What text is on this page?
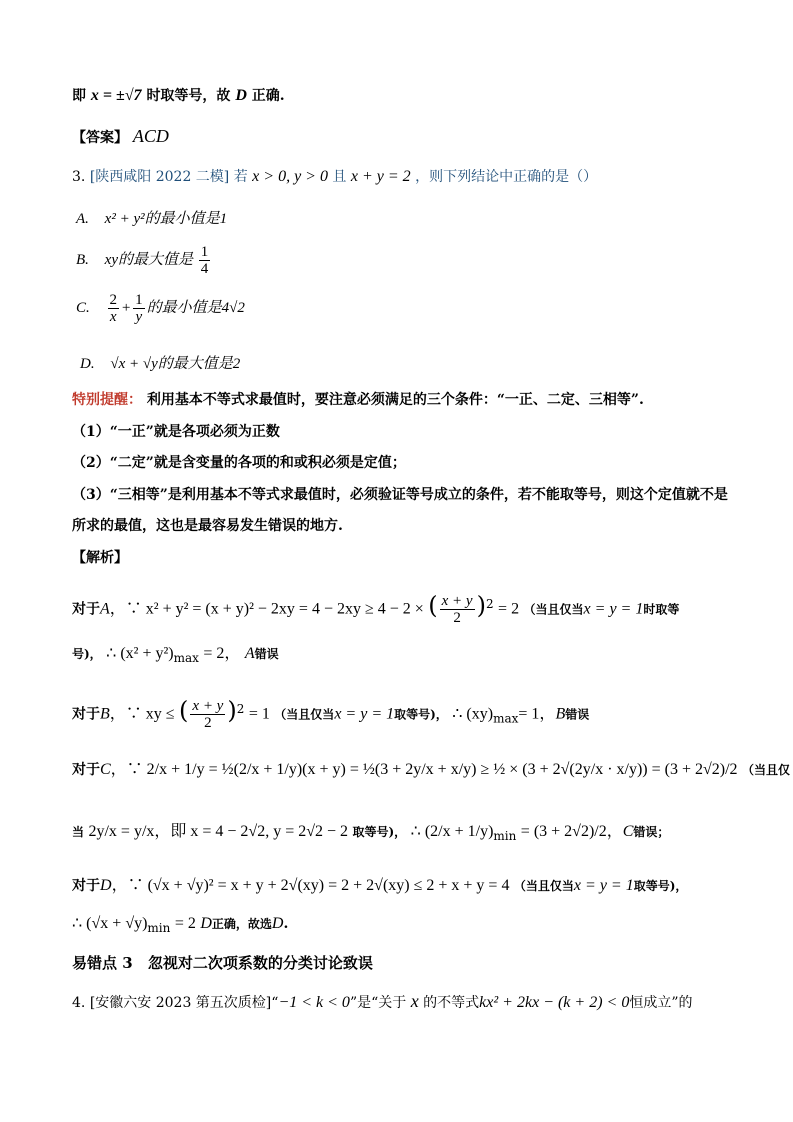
即 x = ±√7 时取等号，故 D 正确.
【答案】 ACD
3. [陕西咸阳 2022 二模] 若 x > 0, y > 0 且 x + y = 2 ，则下列结论中正确的是（）
A. x² + y²的最小值是1
B. xy的最大值是 $\frac{1}{4}$
C. $\frac{2}{x} + \frac{1}{y}$ 的最小值是4√2
D. √x + √y的最大值是2
特别提醒： 利用基本不等式求最值时，要注意必须满足的三个条件：“一正、二定、三相等”.
（1）“一正”就是各项必须为正数
（2）“二定”就是含变量的各项的和或积必须是定值；
（3）“三相等”是利用基本不等式求最值时，必须验证等号成立的条件，若不能取等号，则这个定值就不是
所求的最值，这也是最容易发生错误的地方.
【解析】
对于A，∵ x² + y² = (x + y)² − 2xy = 4 − 2xy ≥ 4 − 2 × ( $\frac{x + y}{2} )^2 = 2$ （当且仅当x = y = 1时取等
号)， ∴ $(x^2 + y^2)_{max} = 2$， A错误
对于B，∵ xy ≤ ( $\frac{x + y}{2} )^2 = 1$ （当且仅当x = y = 1取等号)， ∴ $(xy)_{max}= 1$，B错误
对于C，∵ 2/x + 1/y = ½(2/x + 1/y)(x + y) = ½(3 + 2y/x + x/y) ≥ ½ × (3 + 2√(2y/x · x/y)) = (3 + 2√2)/2 （当且仅
当 2y/x = y/x，即 x = 4 − 2√2, y = 2√2 − 2 取等号)， ∴ $(2/x + 1/y)_{min} = (3 + 2√2)/2$，C错误；
对于D，∵ (√x + √y)² = x + y + 2√(xy) = 2 + 2√(xy) ≤ 2 + x + y = 4 （当且仅当x = y = 1取等号)，
∴ $(√x + √y)_{min} = 2$ D正确，故选D.
易错点 3 忽视对二次项系数的分类讨论致误
4. [安徽六安 2023 第五次质检]“−1 < k < 0”是“关于 x 的不等式kx² + 2kx − (k + 2) < 0恒成立”的
